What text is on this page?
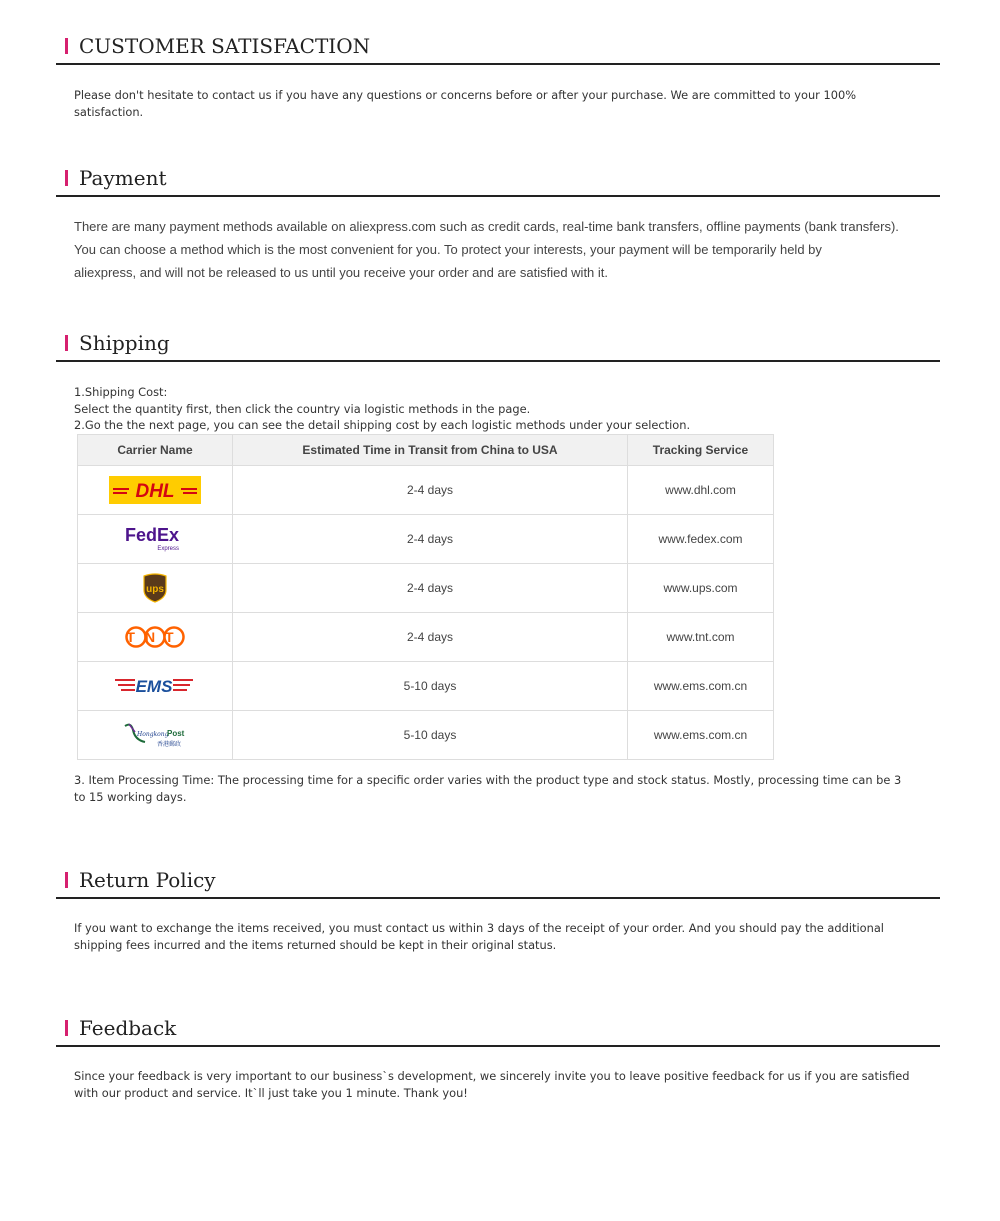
CUSTOMER SATISFACTION
Please don't hesitate to contact us if you have any questions or concerns before or after your purchase. We are committed to your 100% satisfaction.
Payment
There are many payment methods available on aliexpress.com such as credit cards, real-time bank transfers, offline payments (bank transfers).
You can choose a method which is the most convenient for you. To protect your interests, your payment will be temporarily held by
aliexpress, and will not be released to us until you receive your order and are satisfied with it.
Shipping
1.Shipping Cost:
Select the quantity first, then click the country via logistic methods in the page.
2.Go the the next page, you can see the detail shipping cost by each logistic methods under your selection.
Carrier Name	Estimated Time in Transit from China to USA	Tracking Service

DHL	2-4 days	www.dhl.com

FedEx
Express	2-4 days	www.fedex.com

ups	2-4 days	www.ups.com

TNT	2-4 days	www.tnt.com

EMS	5-10 days	www.ems.com.cn

Hongkong
Post
香港郵政	5-10 days	www.ems.com.cn
3. Item Processing Time: The processing time for a specific order varies with the product type and stock status. Mostly, processing time can be 3 to 15 working days.
Return Policy
If you want to exchange the items received, you must contact us within 3 days of the receipt of your order. And you should pay the additional shipping fees incurred and the items returned should be kept in their original status.
Feedback
Since your feedback is very important to our business`s development, we sincerely invite you to leave positive feedback for us if you are satisfied with our product and service. It`ll just take you 1 minute. Thank you!
